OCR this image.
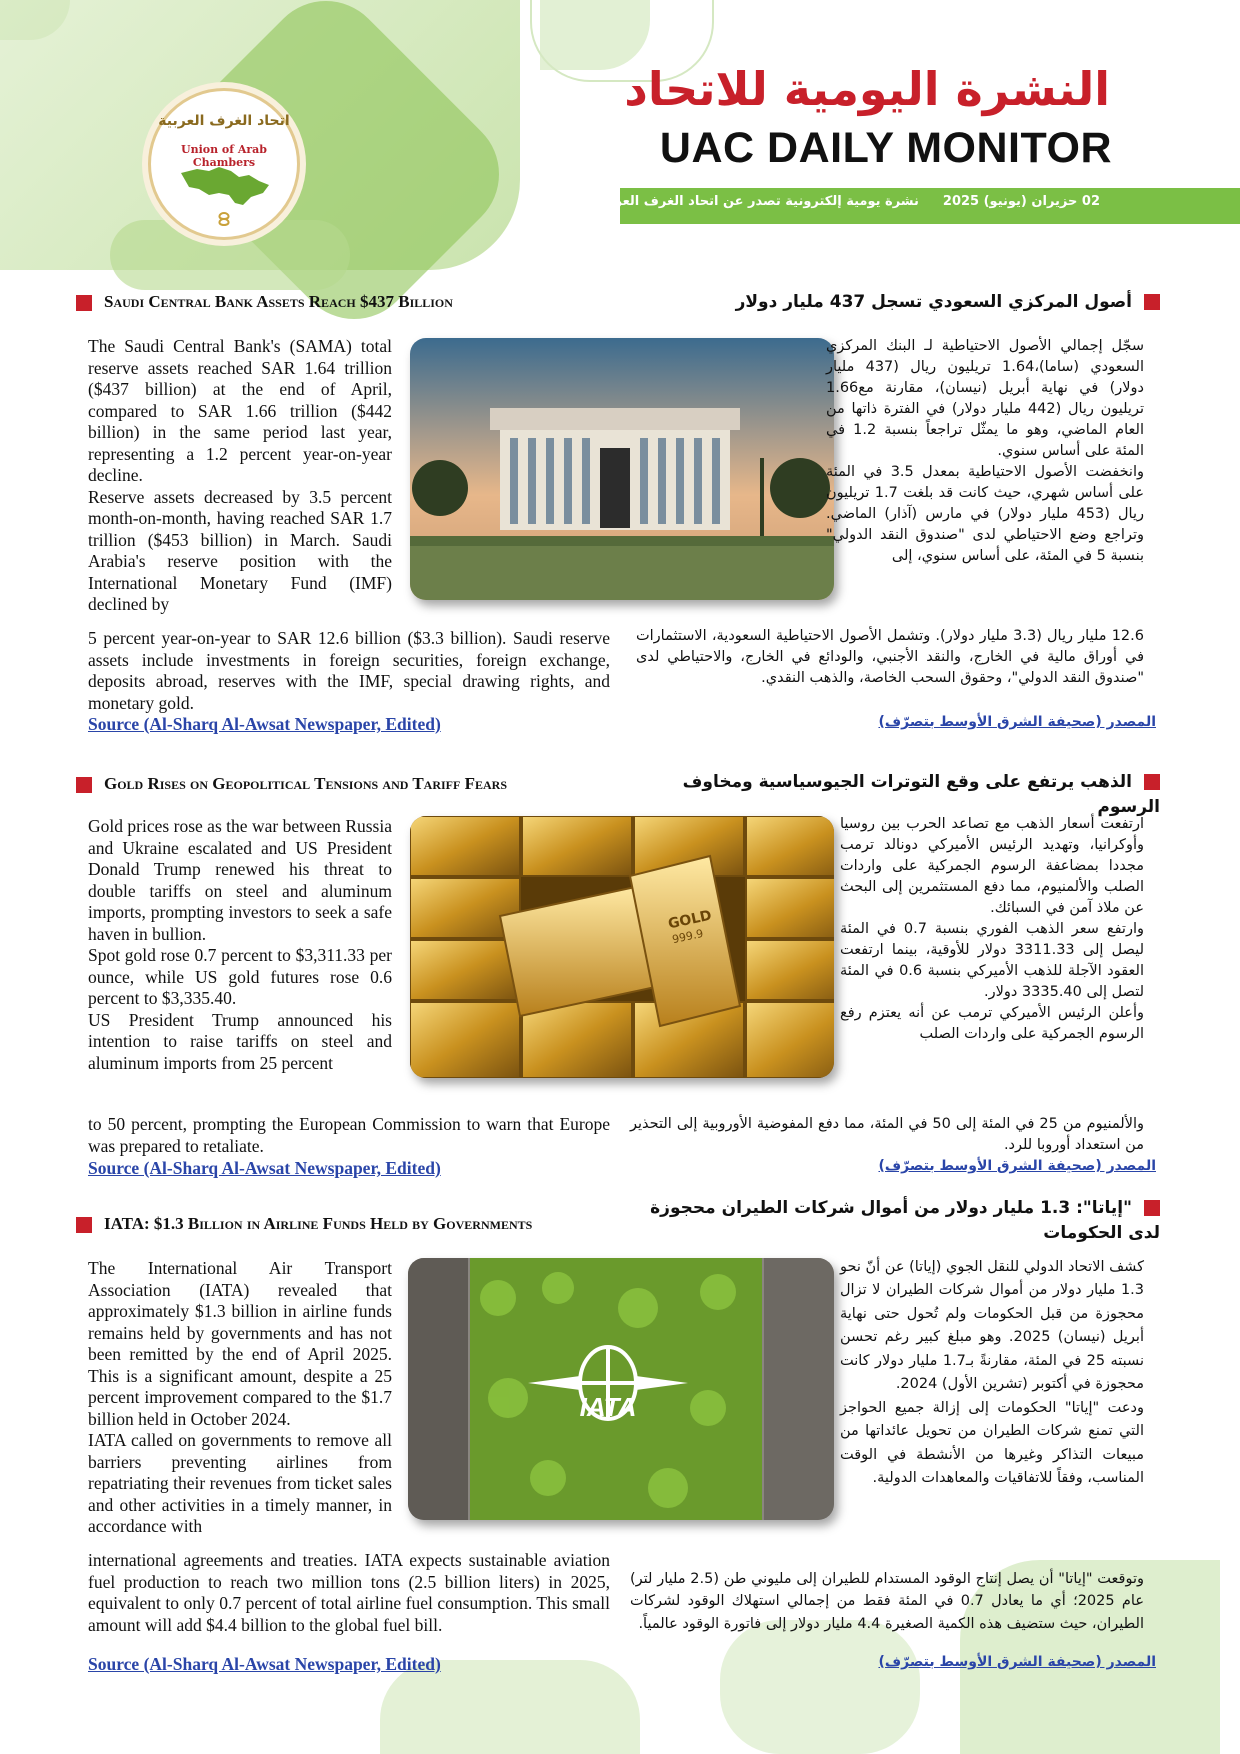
اتحاد الغرف العربية
Union of Arab Chambers
النشرة اليومية للاتحاد
UAC DAILY MONITOR
02 حزيران (يونيو) 2025نشرة يومية إلكترونية تصدر عن اتحاد الغرف العربية
Saudi Central Bank Assets Reach $437 Billion	أصول المركزي السعودي تسجل 437 مليار دولار

The Saudi Central Bank's (SAMA) total reserve assets reached SAR 1.64 trillion ($437 billion) at the end of April, compared to SAR 1.66 trillion ($442 billion) in the same period last year, representing a 1.2 percent year-on-year decline.

Reserve assets decreased by 3.5 percent month-on-month, having reached SAR 1.7 trillion ($453 billion) in March. Saudi Arabia's reserve position with the International Monetary Fund (IMF) declined by

5 percent year-on-year to SAR 12.6 billion ($3.3 billion). Saudi reserve assets include investments in foreign securities, foreign exchange, deposits abroad, reserves with the IMF, special drawing rights, and monetary gold.

Source (Al-Sharq Al-Awsat Newspaper, Edited)

سجّل إجمالي الأصول الاحتياطية لـ البنك المركزي السعودي (ساما)،1.64 تريليون ريال (437 مليار دولار) في نهاية أبريل (نيسان)، مقارنة مع1.66 تريليون ريال (442 مليار دولار) في الفترة ذاتها من العام الماضي، وهو ما يمثّل تراجعاً بنسبة 1.2 في المئة على أساس سنوي.

وانخفضت الأصول الاحتياطية بمعدل 3.5 في المئة على أساس شهري، حيث كانت قد بلغت 1.7 تريليون ريال (453 مليار دولار) في مارس (آذار) الماضي. وتراجع وضع الاحتياطي لدى "صندوق النقد الدولي" بنسبة 5 في المئة، على أساس سنوي، إلى

12.6 مليار ريال (3.3 مليار دولار). وتشمل الأصول الاحتياطية السعودية، الاستثمارات في أوراق مالية في الخارج، والنقد الأجنبي، والودائع في الخارج، والاحتياطي لدى "صندوق النقد الدولي"، وحقوق السحب الخاصة، والذهب النقدي.

المصدر (صحيفة الشرق الأوسط بتصرّف)
Gold Rises on Geopolitical Tensions and Tariff Fears	الذهب يرتفع على وقع التوترات الجيوسياسية ومخاوف الرسوم

Gold prices rose as the war between Russia and Ukraine escalated and US President Donald Trump renewed his threat to double tariffs on steel and aluminum imports, prompting investors to seek a safe haven in bullion.

Spot gold rose 0.7 percent to $3,311.33 per ounce, while US gold futures rose 0.6 percent to $3,335.40.

US President Trump announced his intention to raise tariffs on steel and aluminum imports from 25 percent

to 50 percent, prompting the European Commission to warn that Europe was prepared to retaliate.

Source (Al-Sharq Al-Awsat Newspaper, Edited)
GOLD
999.9

ارتفعت أسعار الذهب مع تصاعد الحرب بين روسيا وأوكرانيا، وتهديد الرئيس الأميركي دونالد ترمب مجددا بمضاعفة الرسوم الجمركية على واردات الصلب والألمنيوم، مما دفع المستثمرين إلى البحث عن ملاذ آمن في السبائك.

وارتفع سعر الذهب الفوري بنسبة 0.7 في المئة ليصل إلى 3311.33 دولار للأوقية، بينما ارتفعت العقود الآجلة للذهب الأميركي بنسبة 0.6 في المئة لتصل إلى 3335.40 دولار.

وأعلن الرئيس الأميركي ترمب عن أنه يعتزم رفع الرسوم الجمركية على واردات الصلب

والألمنيوم من 25 في المئة إلى 50 في المئة، مما دفع المفوضية الأوروبية إلى التحذير من استعداد أوروبا للرد.

المصدر (صحيفة الشرق الأوسط بتصرّف)
IATA: $1.3 Billion in Airline Funds Held by Governments
"إياتا": 1.3 مليار دولار من أموال شركات الطيران محجوزة لدى الحكومات

The International Air Transport Association (IATA) revealed that approximately $1.3 billion in airline funds remains held by governments and has not been remitted by the end of April 2025. This is a significant amount, despite a 25 percent improvement compared to the $1.7 billion held in October 2024.

IATA called on governments to remove all barriers preventing airlines from repatriating their revenues from ticket sales and other activities in a timely manner, in accordance with

international agreements and treaties. IATA expects sustainable aviation fuel production to reach two million tons (2.5 billion liters) in 2025, equivalent to only 0.7 percent of total airline fuel consumption. This small amount will add $4.4 billion to the global fuel bill.

Source (Al-Sharq Al-Awsat Newspaper, Edited)
IATA

كشف الاتحاد الدولي للنقل الجوي (إياتا) عن أنّ نحو 1.3 مليار دولار من أموال شركات الطيران لا تزال محجوزة من قبل الحكومات ولم تُحول حتى نهاية أبريل (نيسان) 2025. وهو مبلغ كبير رغم تحسن نسبته 25 في المئة، مقارنةً بـ1.7 مليار دولار كانت محجوزة في أكتوبر (تشرين الأول) 2024.

ودعت "إياتا" الحكومات إلى إزالة جميع الحواجز التي تمنع شركات الطيران من تحويل عائداتها من مبيعات التذاكر وغيرها من الأنشطة في الوقت المناسب، وفقاً للاتفاقيات والمعاهدات الدولية.

وتوقعت "إياتا" أن يصل إنتاج الوقود المستدام للطيران إلى مليوني طن (2.5 مليار لتر) عام 2025؛ أي ما يعادل 0.7 في المئة فقط من إجمالي استهلاك الوقود لشركات الطيران، حيث ستضيف هذه الكمية الصغيرة 4.4 مليار دولار إلى فاتورة الوقود عالمياً.

المصدر (صحيفة الشرق الأوسط بتصرّف)
